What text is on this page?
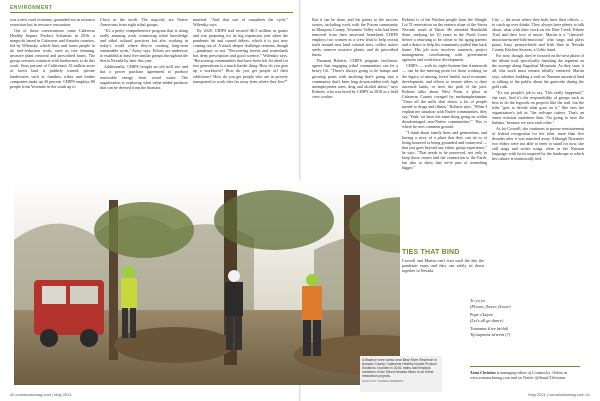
ENVIRONMENT

was a new rural economy, grounded not in resource extraction but in resource restoration.

Out of those conversations came Calaveras Healthy Impact Product Solutions in 2016, a nonprofit based in Calaveras and Amador counties, led by Wilensky, which hires and trains people to do fuel-reduction work, such as tree thinning, invasive plant removal and prescribed burns. The group oversees contracts with landowners to do this work. Sixty percent of California's 33 million acres of forest land is publicly owned; private landowners such as families, tribes and timber companies make up 40 percent. CHIPS employs 80 people from Yosemite in the south up to

Chico in the north. The majority are Native Americans from eight tribal groups.

"It's a pretty comprehensive program that is doing really amazing work connecting tribal knowledge and tribal cultural practices but also working in today's world where they're creating long-term sustainable work," Avery says. Efforts are underway to establish at least five similar groups throughout the Sierra Nevada by later this year.

Additionally, CHIPS bought an old mill site and has a power purchase agreement to produce renewable energy from wood waste. The organization is exploring what value-added products that can be derived from the biomass

material. "And that sort of completes the cycle," Wilensky says.

By 2020, CHIPS had secured $6.5 million in grants and was preparing for its big expansion year when the pandemic hit and caused delays, which it is just now coming out of. A much deeper challenge remains, though—pandemic or not. "Recovering forests and watersheds has deep prescription and good science," Wilensky says. "Recovering communities that have been left for dead for two generations is a much harder thing. How do you gear up a workforce? How do you get people off their addictions? How do you get people who are in poverty transported to work sites far away from where they live?"

But it can be done, and the points to the success stories, including work with the Potom community in Mariposa County, Yosemite Valley who had been removed from their ancestral homeland. CHIPS employs two women as a crew lead to help recruit trails around new land cultural sites, collect native seeds, remove invasive plants, and do prescribed burns.

Thurman Roberts, CHIPS program facilitator, agrees that engaging tribal communities can be a heavy lift. "There's always going to be bumps and growing pains with anything that's going into a community that's been long downtrodden with high unemployment rates, drug and alcohol abuse," says Roberts, who was hired by CHIPS in 2018 as a field crew worker.

Roberts is of the Washoe people from the Shingle Lot Tl reservation on the eastern slope of the Sierra Nevada, south of Tahoe. He attended Humboldt State, studying for 10 years in the North Coast before a returning to be closer to his aging parents and a desire to help his community pulled him back home. His job now involves outreach, project management, coordinating with government agencies and workforce development.

CHIPS — with its triple-bottom-line framework — can be the meeting point for those working on the legacy of mining, forest health, rural economic development, and efforts to restore tribes to their ancestral lands, or steer the path of the past. Roberts talks about West Point, a place in Calaveras County ravaged by methamphetamine. "Once all the mills shut down, a lot of people turned to drugs and illness," Roberts says. "When I explain my situation with Native communities, they say, 'Yeah, we have the same thing going on within disadvantaged non-Native communities.'" This is where he sees common ground.

"I think about family lines and generations, and having a story of a place that they can tie to of being honored or being grounded and connected — that just goes beyond any ethnic group experience," he says. "That needs to be preserved, not only to keep those stories and the connection to the Earth, but also to show that we're part of something bigger."

City — the town where they both have their offices — to catch up over drinks. They always have plenty to talk about, what with their work on the Deer Creek Tribute Trail and their love of music. Martin is a "classical-musician-turned-folk-musician" who sings and plays piano, harp, pennywhistle and Irish flute in Nevada County Kitchen Session, a Celtic band.

For now, though, they're focused on the next phase of the tribute trail, specifically finishing the segment on the acreage along Sugarloaf Mountain. As they start, it all, this work must remain tribally centered, Martin says, whether building a trail on Nisenan ancestral land or talking to the public about the genocide during the gold rush.

"It's our people's job to say, 'This really happened,'" she says. And it's the responsibility of groups such as hers to do the legwork on projects like the trail, but the tribe "gets to decide what goes on it." She sees her organization's job as "the red-tape cutters. That's an easier mission statement than, 'I'm going to save the Indians,' because we save each other."

As for Crowell, she continues to pursue reinstatement of federal recognition for her tribe, more than five decades after it was snatched away. Although Nisenan's two elders were not able to meet to stand for now, she still sings and writes songs, often in her Nisenan language, with lyrics inspired by the landscape to which her culture is intrinsically tied:

TIES THAT BIND

Crowell and Martin can't wait until the day the pandemic eases and they can safely sit down together in Nevada

A Washoe crew works near Bear River Reservoir in Amador County. Calaveras Healthy Impact Product Solutions, founded in 2016, trains and employs members of the Sierra Nevada tribes to do forest restoration projects.
PHOTO BY THOMAS ROBERTS
To yo yo
(Flower, flower, flower)
Pope o'koyee
(Let's all go dance)
Tomonim k'we he'doli
Tip'supmine ta'teem (?)
Anna Christian is managing editor of Comstock's. Online at www.comstocksmag.com and on Twitter @AnnaCChristian.
40 comstocksmag.com | May 2021	May 2021 | comstocksmag.com 41
